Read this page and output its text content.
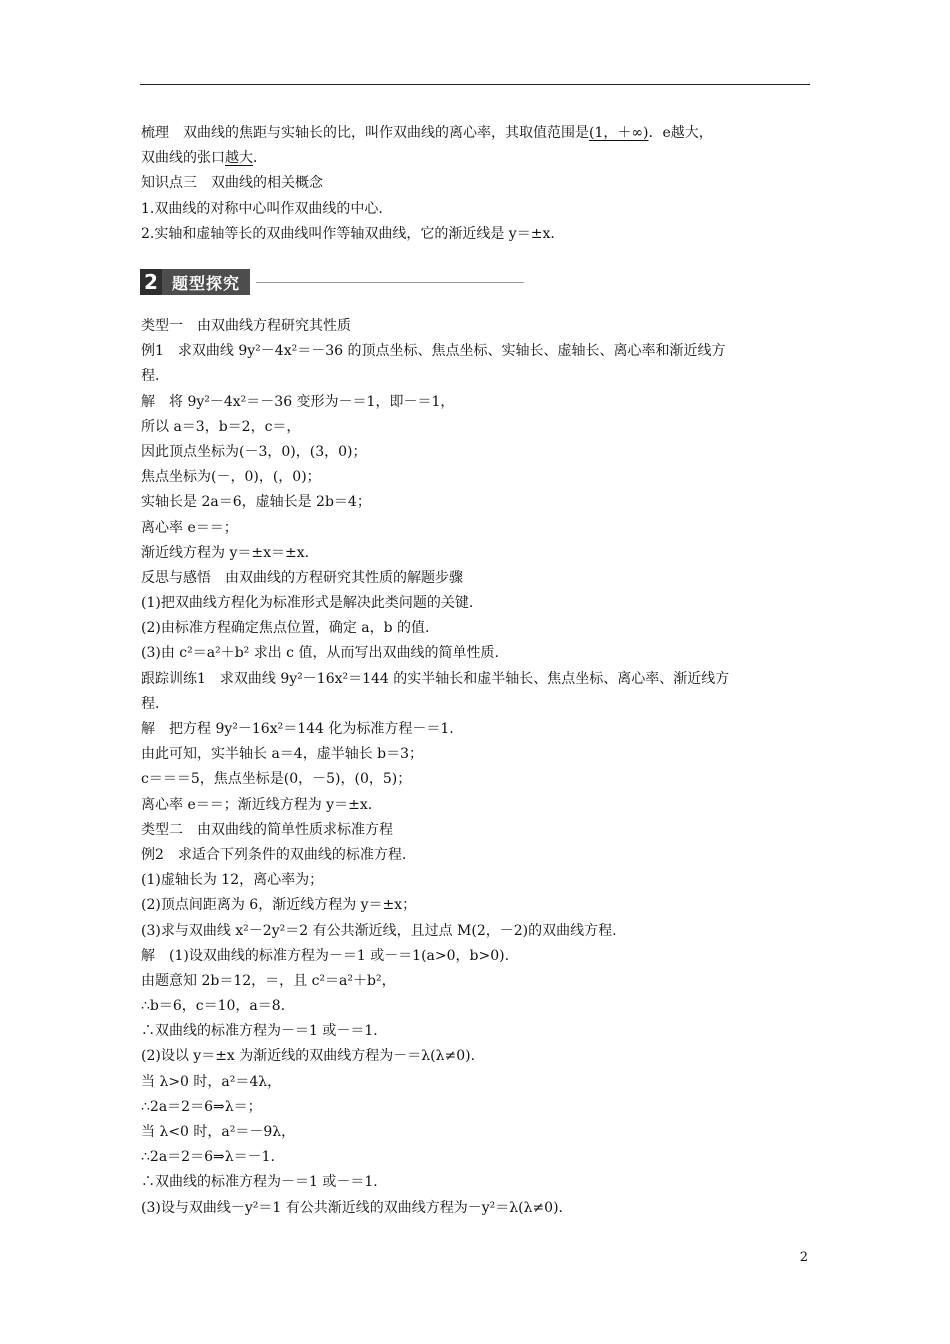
梳理　双曲线的焦距与实轴长的比，叫作双曲线的离心率，其取值范围是(1，＋∞)．e越大，
双曲线的张口越大．
知识点三　双曲线的相关概念
1.双曲线的对称中心叫作双曲线的中心.
2.实轴和虚轴等长的双曲线叫作等轴双曲线，它的渐近线是 y＝±x.
2 题型探究
类型一　由双曲线方程研究其性质
例1　求双曲线 9y²－4x²＝－36 的顶点坐标、焦点坐标、实轴长、虚轴长、离心率和渐近线方
程.
解　将 9y²－4x²＝－36 变形为－＝1，即－＝1，
所以 a＝3，b＝2，c＝，
因此顶点坐标为(－3，0)，(3，0)；
焦点坐标为(－，0)，(，0)；
实轴长是 2a＝6，虚轴长是 2b＝4；
离心率 e＝＝；
渐近线方程为 y＝±x＝±x.
反思与感悟　由双曲线的方程研究其性质的解题步骤
(1)把双曲线方程化为标准形式是解决此类问题的关键.
(2)由标准方程确定焦点位置，确定 a，b 的值.
(3)由 c²＝a²＋b² 求出 c 值，从而写出双曲线的简单性质.
跟踪训练1　求双曲线 9y²－16x²＝144 的实半轴长和虚半轴长、焦点坐标、离心率、渐近线方
程.
解　把方程 9y²－16x²＝144 化为标准方程－＝1.
由此可知，实半轴长 a＝4，虚半轴长 b＝3；
c＝＝＝5，焦点坐标是(0，－5)，(0，5)；
离心率 e＝＝；渐近线方程为 y＝±x.
类型二　由双曲线的简单性质求标准方程
例2　求适合下列条件的双曲线的标准方程.
(1)虚轴长为 12，离心率为；
(2)顶点间距离为 6，渐近线方程为 y＝±x；
(3)求与双曲线 x²－2y²＝2 有公共渐近线，且过点 M(2，－2)的双曲线方程.
解　(1)设双曲线的标准方程为－＝1 或－＝1(a>0，b>0).
由题意知 2b＝12，＝，且 c²＝a²＋b²，
∴b＝6，c＝10，a＝8.
∴双曲线的标准方程为－＝1 或－＝1.
(2)设以 y＝±x 为渐近线的双曲线方程为－＝λ(λ≠0).
当 λ>0 时，a²＝4λ，
∴2a＝2＝6⇒λ＝；
当 λ<0 时，a²＝－9λ，
∴2a＝2＝6⇒λ＝－1.
∴双曲线的标准方程为－＝1 或－＝1.
(3)设与双曲线－y²＝1 有公共渐近线的双曲线方程为－y²＝λ(λ≠0).
2
